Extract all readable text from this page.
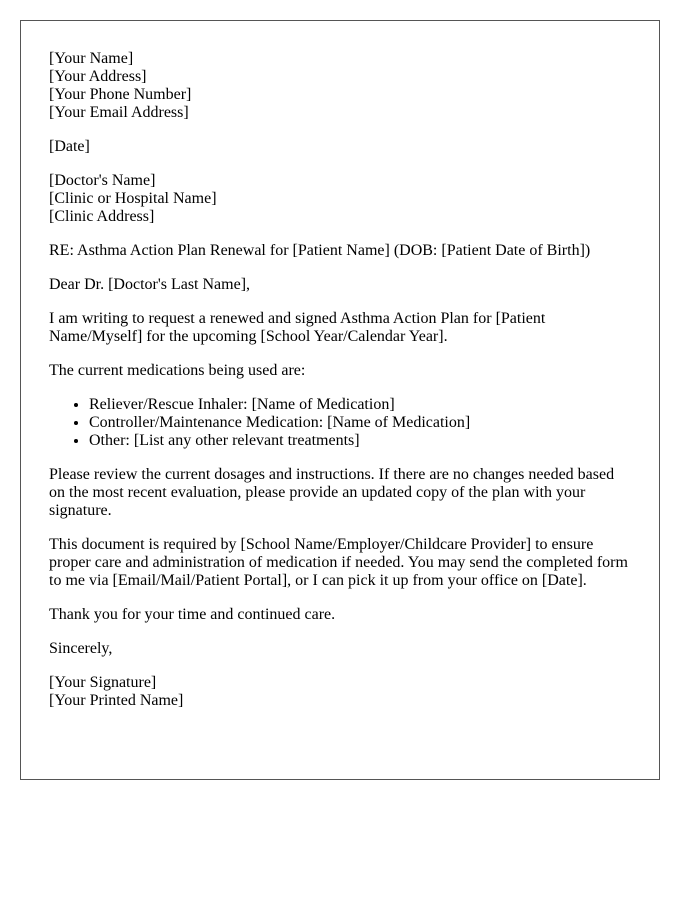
[Your Name]
[Your Address]
[Your Phone Number]
[Your Email Address]

[Date]

[Doctor's Name]
[Clinic or Hospital Name]
[Clinic Address]

RE: Asthma Action Plan Renewal for [Patient Name] (DOB: [Patient Date of Birth])

Dear Dr. [Doctor's Last Name],

I am writing to request a renewed and signed Asthma Action Plan for [Patient Name/Myself] for the upcoming [School Year/Calendar Year].

The current medications being used are:

• Reliever/Rescue Inhaler: [Name of Medication]
• Controller/Maintenance Medication: [Name of Medication]
• Other: [List any other relevant treatments]

Please review the current dosages and instructions. If there are no changes needed based on the most recent evaluation, please provide an updated copy of the plan with your signature.

This document is required by [School Name/Employer/Childcare Provider] to ensure proper care and administration of medication if needed. You may send the completed form to me via [Email/Mail/Patient Portal], or I can pick it up from your office on [Date].

Thank you for your time and continued care.

Sincerely,

[Your Signature]
[Your Printed Name]
